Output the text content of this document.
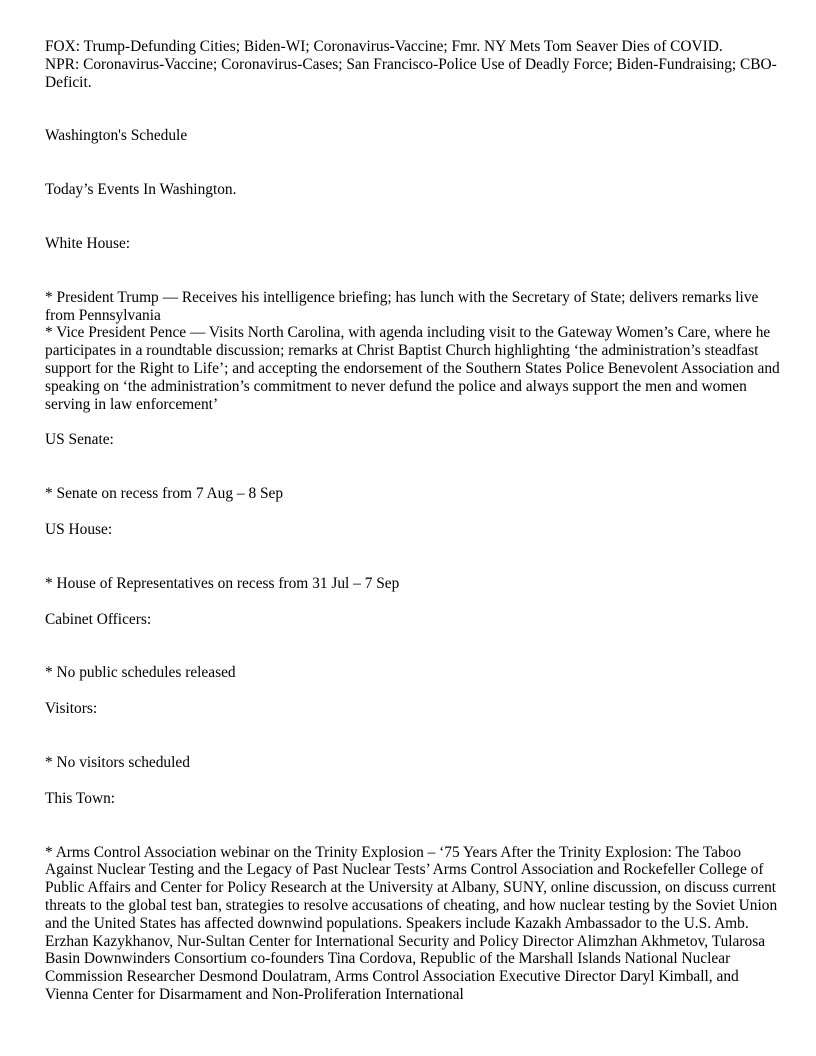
FOX: Trump-Defunding Cities; Biden-WI; Coronavirus-Vaccine; Fmr. NY Mets Tom Seaver Dies of COVID.

NPR: Coronavirus-Vaccine; Coronavirus-Cases; San Francisco-Police Use of Deadly Force; Biden-Fundraising; CBO-Deficit.

Washington's Schedule

Today’s Events In Washington.

White House:

* President Trump — Receives his intelligence briefing; has lunch with the Secretary of State; delivers remarks live from Pennsylvania

* Vice President Pence — Visits North Carolina, with agenda including visit to the Gateway Women’s Care, where he participates in a roundtable discussion; remarks at Christ Baptist Church highlighting ‘the administration’s steadfast support for the Right to Life’; and accepting the endorsement of the Southern States Police Benevolent Association and speaking on ‘the administration’s commitment to never defund the police and always support the men and women serving in law enforcement’

US Senate:

* Senate on recess from 7 Aug – 8 Sep

US House:

* House of Representatives on recess from 31 Jul – 7 Sep

Cabinet Officers:

* No public schedules released

Visitors:

* No visitors scheduled

This Town:

* Arms Control Association webinar on the Trinity Explosion – ‘75 Years After the Trinity Explosion: The Taboo Against Nuclear Testing and the Legacy of Past Nuclear Tests’ Arms Control Association and Rockefeller College of Public Affairs and Center for Policy Research at the University at Albany, SUNY, online discussion, on discuss current threats to the global test ban, strategies to resolve accusations of cheating, and how nuclear testing by the Soviet Union and the United States has affected downwind populations. Speakers include Kazakh Ambassador to the U.S. Amb. Erzhan Kazykhanov, Nur-Sultan Center for International Security and Policy Director Alimzhan Akhmetov, Tularosa Basin Downwinders Consortium co-founders Tina Cordova, Republic of the Marshall Islands National Nuclear Commission Researcher Desmond Doulatram, Arms Control Association Executive Director Daryl Kimball, and Vienna Center for Disarmament and Non-Proliferation International
